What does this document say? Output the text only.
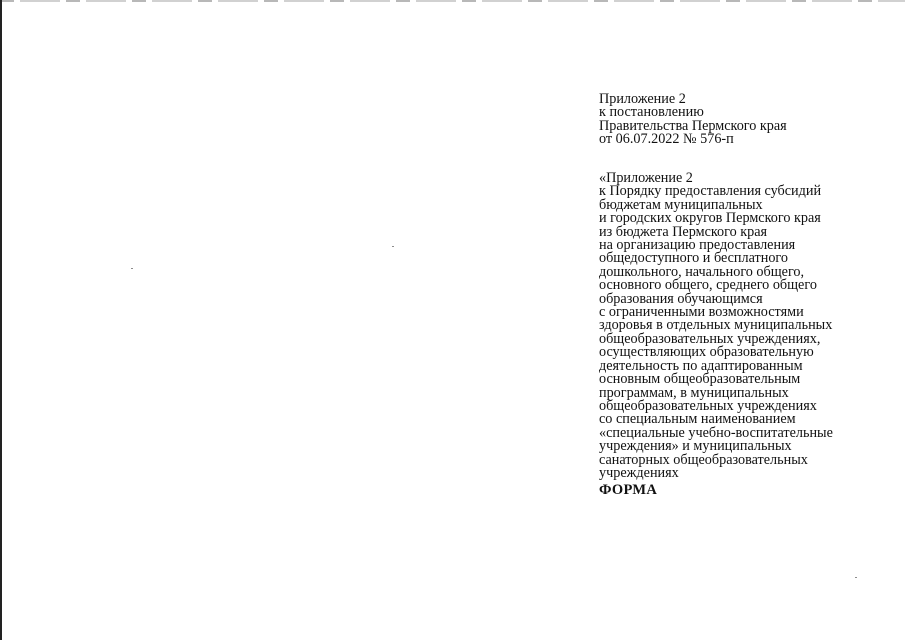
Приложение 2
к постановлению
Правительства Пермского края
от 06.07.2022 № 576-п
«Приложение 2
к Порядку предоставления субсидий
бюджетам муниципальных
и городских округов Пермского края
из бюджета Пермского края
на организацию предоставления
общедоступного и бесплатного
дошкольного, начального общего,
основного общего, среднего общего
образования обучающимся
с ограниченными возможностями
здоровья в отдельных муниципальных
общеобразовательных учреждениях,
осуществляющих образовательную
деятельность по адаптированным
основным общеобразовательным
программам, в муниципальных
общеобразовательных учреждениях
со специальным наименованием
«специальные учебно-воспитательные
учреждения» и муниципальных
санаторных общеобразовательных
учреждениях
ФОРМА
